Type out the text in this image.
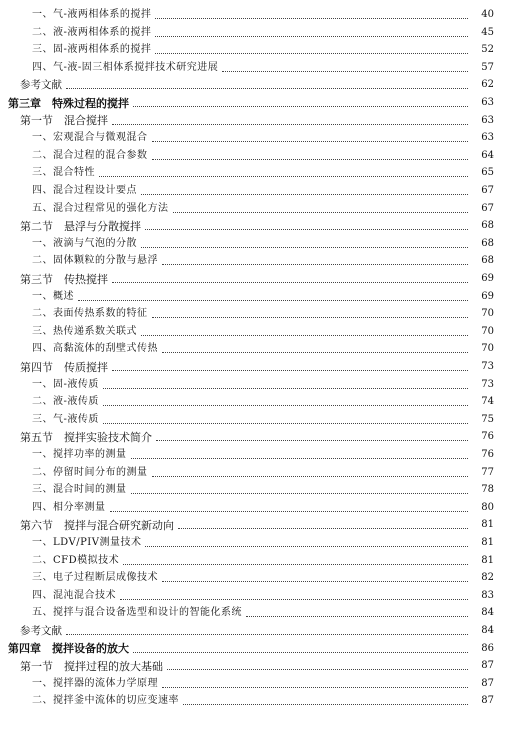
一、气-液两相体系的搅拌	40
二、液-液两相体系的搅拌	45
三、固-液两相体系的搅拌	52
四、气-液-固三相体系搅拌技术研究进展	57
参考文献	62
第三章　特殊过程的搅拌	63
第一节　混合搅拌	63
一、宏观混合与微观混合	63
二、混合过程的混合参数	64
三、混合特性	65
四、混合过程设计要点	67
五、混合过程常见的强化方法	67
第二节　悬浮与分散搅拌	68
一、液滴与气泡的分散	68
二、固体颗粒的分散与悬浮	68
第三节　传热搅拌	69
一、概述	69
二、表面传热系数的特征	70
三、热传递系数关联式	70
四、高黏流体的刮壁式传热	70
第四节　传质搅拌	73
一、固-液传质	73
二、液-液传质	74
三、气-液传质	75
第五节　搅拌实验技术简介	76
一、搅拌功率的测量	76
二、停留时间分布的测量	77
三、混合时间的测量	78
四、相分率测量	80
第六节　搅拌与混合研究新动向	81
一、LDV/PIV测量技术	81
二、CFD模拟技术	81
三、电子过程断层成像技术	82
四、混沌混合技术	83
五、搅拌与混合设备选型和设计的智能化系统	84
参考文献	84
第四章　搅拌设备的放大	86
第一节　搅拌过程的放大基础	87
一、搅拌器的流体力学原理	87
二、搅拌釜中流体的切应变速率	87
